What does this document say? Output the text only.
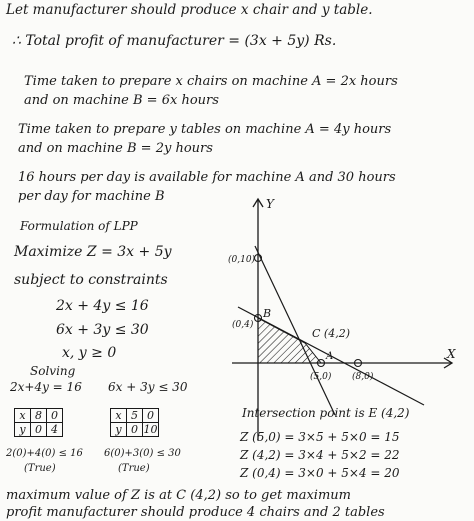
Let manufacturer should produce x chair and y table.
∴ Total profit of manufacturer = (3x + 5y) Rs.
Time taken to prepare x chairs on machine A = 2x hours
and on machine B = 6x hours
Time taken to prepare y tables on machine A = 4y hours
and on machine B = 2y hours
16 hours per day is available for machine A and 30 hours
per day for machine B
Formulation of LPP
Maximize Z = 3x + 5y
subject to constraints
2x + 4y ≤ 16
6x + 3y ≤ 30
x, y ≥ 0
Solving
2x+4y = 16 6x + 3y ≤ 30
x	8	0
y	0	4
x	5	0
y	0	10
2(0)+4(0) ≤ 16 6(0)+3(0) ≤ 30
(True)	(True)
Y
X
(0,10)
(0,4)
B
C (4,2)
A
(5,0) (8,0)
Intersection point is E (4,2)
Z (5,0) = 3×5 + 5×0 = 15
Z (4,2) = 3×4 + 5×2 = 22
Z (0,4) = 3×0 + 5×4 = 20
maximum value of Z is at C (4,2) so to get maximum
profit manufacturer should produce 4 chairs and 2 tables
